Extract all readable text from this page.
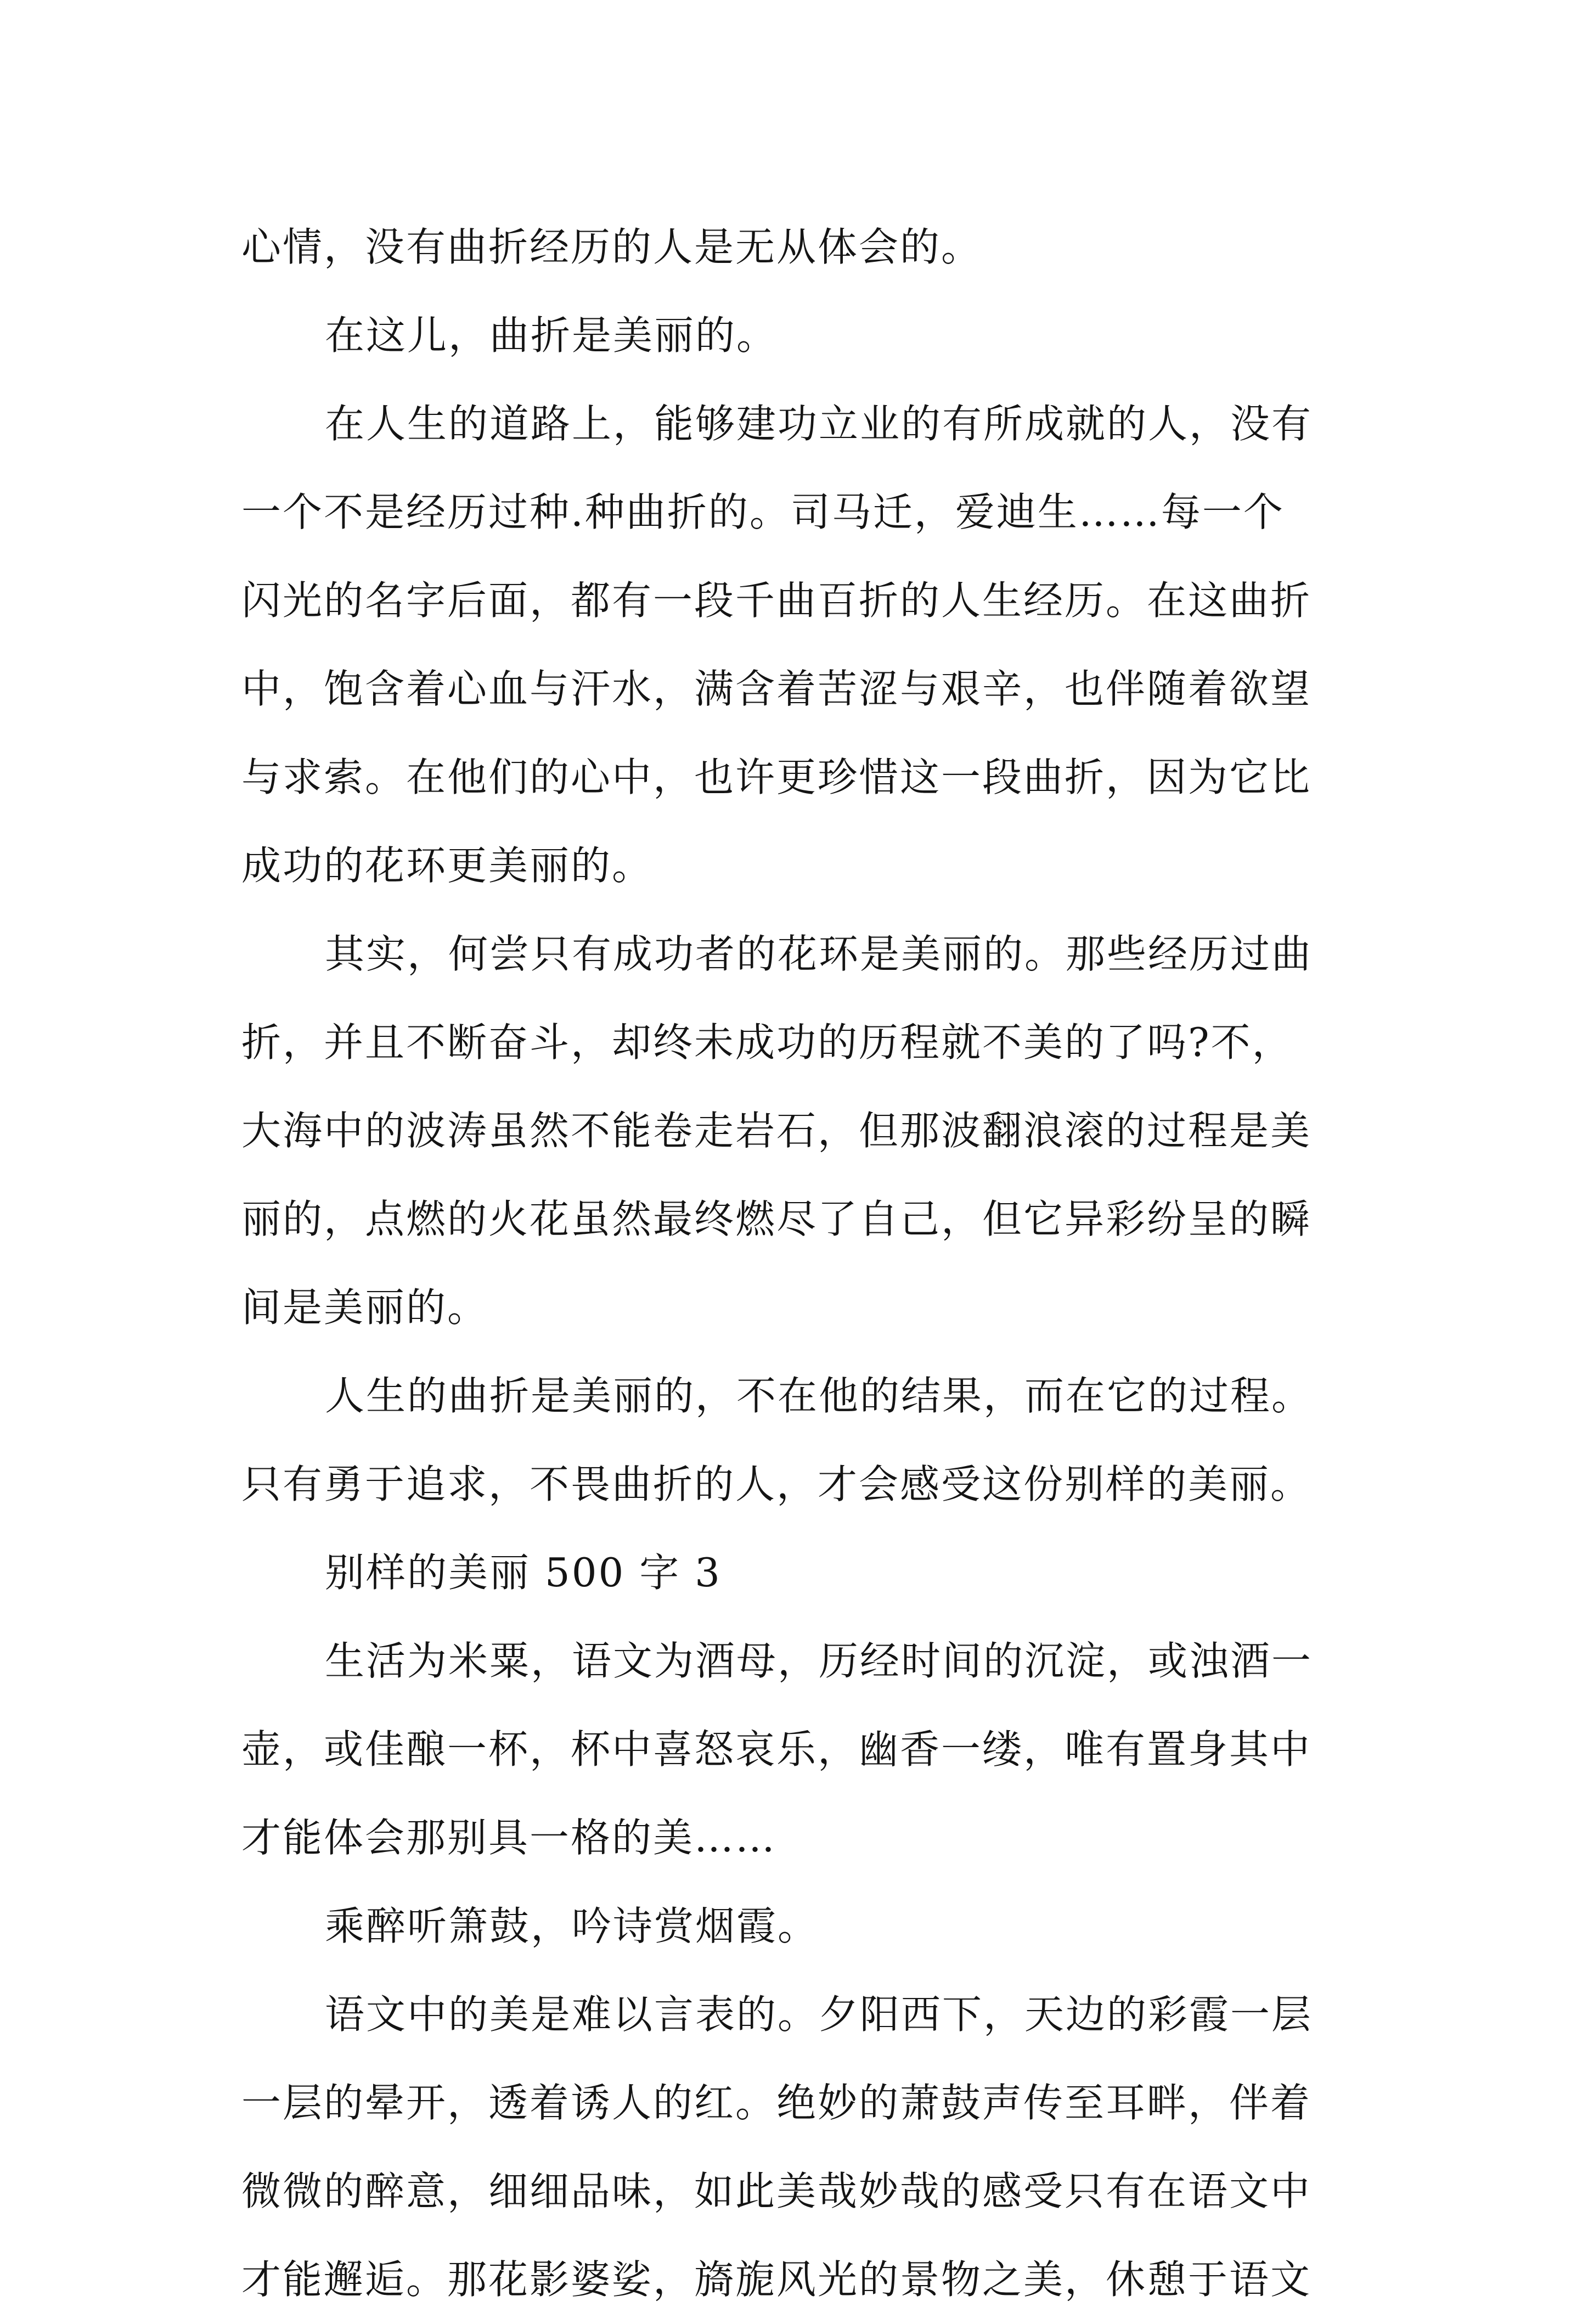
心情，没有曲折经历的人是无从体会的。
在这儿，曲折是美丽的。
在人生的道路上，能够建功立业的有所成就的人，没有
一个不是经历过种.种曲折的。司马迁，爱迪生……每一个
闪光的名字后面，都有一段千曲百折的人生经历。在这曲折
中，饱含着心血与汗水，满含着苦涩与艰辛，也伴随着欲望
与求索。在他们的心中，也许更珍惜这一段曲折，因为它比
成功的花环更美丽的。
其实，何尝只有成功者的花环是美丽的。那些经历过曲
折，并且不断奋斗，却终未成功的历程就不美的了吗?不，
大海中的波涛虽然不能卷走岩石，但那波翻浪滚的过程是美
丽的，点燃的火花虽然最终燃尽了自己，但它异彩纷呈的瞬
间是美丽的。
人生的曲折是美丽的，不在他的结果，而在它的过程。
只有勇于追求，不畏曲折的人，才会感受这份别样的美丽。
别样的美丽 500 字 3
生活为米粟，语文为酒母，历经时间的沉淀，或浊酒一
壶，或佳酿一杯，杯中喜怒哀乐，幽香一缕，唯有置身其中
才能体会那别具一格的美……
乘醉听箫鼓，吟诗赏烟霞。
语文中的美是难以言表的。夕阳西下，天边的彩霞一层
一层的晕开，透着诱人的红。绝妙的萧鼓声传至耳畔，伴着
微微的醉意，细细品味，如此美哉妙哉的感受只有在语文中
才能邂逅。那花影婆娑，旖旎风光的景物之美，休憩于语文
